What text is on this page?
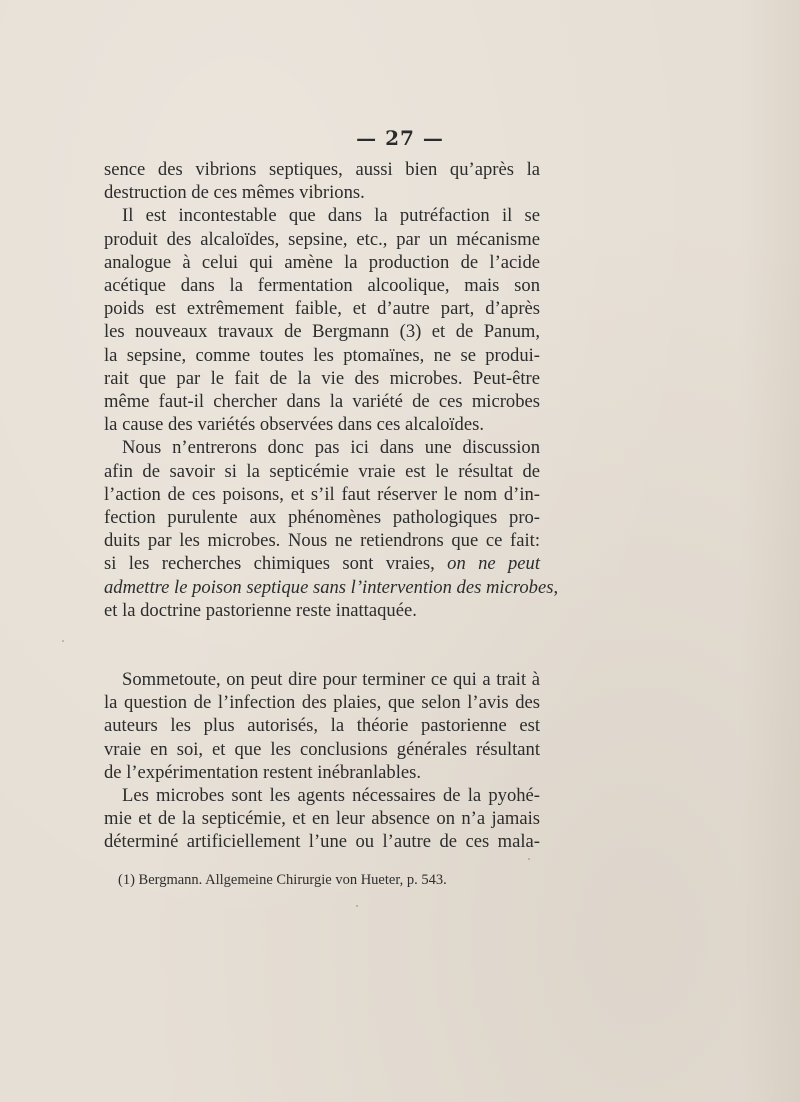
— 27 —
sence des vibrions septiques, aussi bien qu’après la
destruction de ces mêmes vibrions.
Il est incontestable que dans la putréfaction il se
produit des alcaloïdes, sepsine, etc., par un mécanisme
analogue à celui qui amène la production de l’acide
acétique dans la fermentation alcoolique, mais son
poids est extrêmement faible, et d’autre part, d’après
les nouveaux travaux de Bergmann (3) et de Panum,
la sepsine, comme toutes les ptomaïnes, ne se produi-
rait que par le fait de la vie des microbes. Peut-être
même faut-il chercher dans la variété de ces microbes
la cause des variétés observées dans ces alcaloïdes.
Nous n’entrerons donc pas ici dans une discussion
afin de savoir si la septicémie vraie est le résultat de
l’action de ces poisons, et s’il faut réserver le nom d’in-
fection purulente aux phénomènes pathologiques pro-
duits par les microbes. Nous ne retiendrons que ce fait:
si les recherches chimiques sont vraies, on ne peut
admettre le poison septique sans l’intervention des microbes,
et la doctrine pastorienne reste inattaquée.
Sommetoute, on peut dire pour terminer ce qui a trait à
la question de l’infection des plaies, que selon l’avis des
auteurs les plus autorisés, la théorie pastorienne est
vraie en soi, et que les conclusions générales résultant
de l’expérimentation restent inébranlables.
Les microbes sont les agents nécessaires de la pyohé-
mie et de la septicémie, et en leur absence on n’a jamais
déterminé artificiellement l’une ou l’autre de ces mala-
(1) Bergmann. Allgemeine Chirurgie von Hueter, p. 543.
